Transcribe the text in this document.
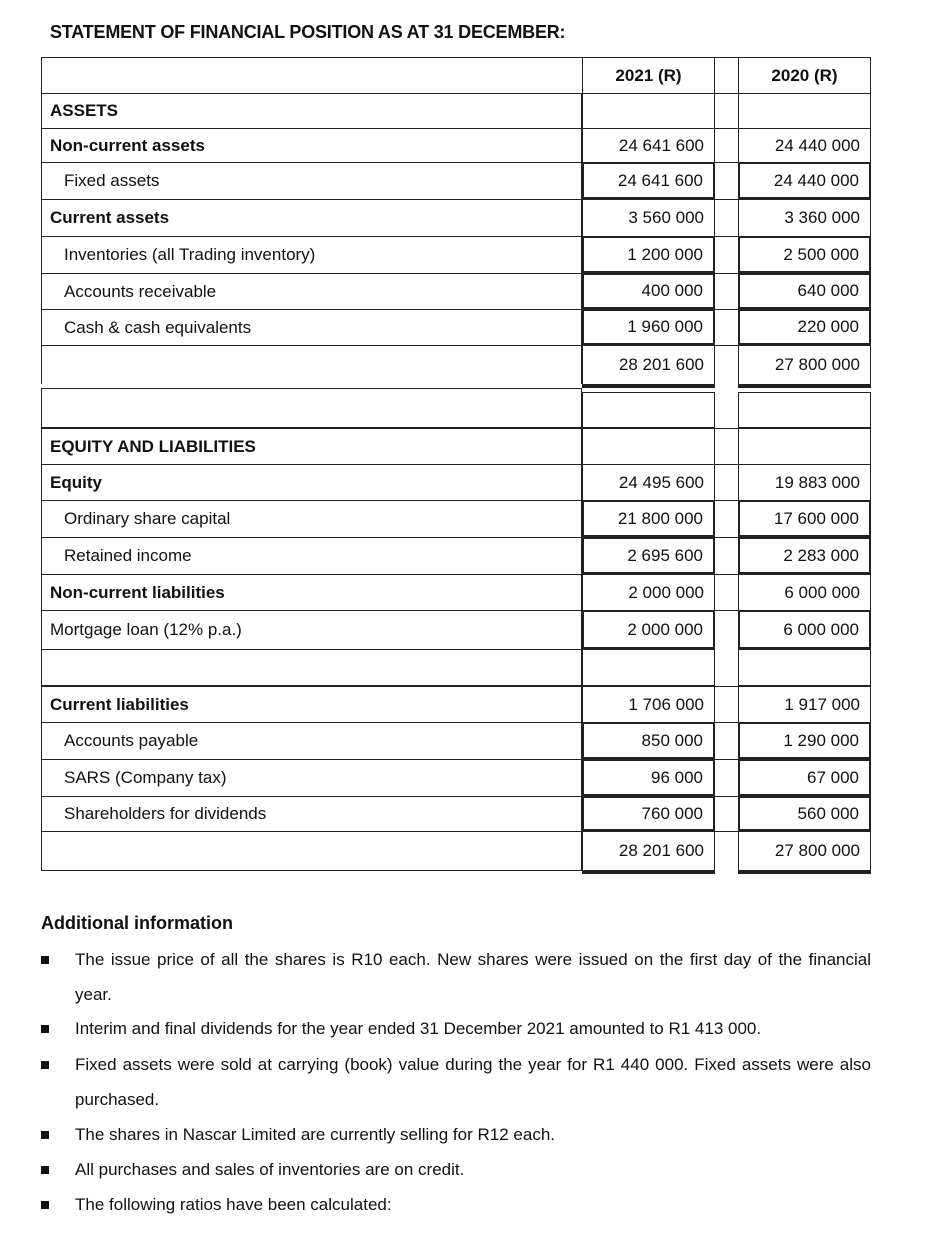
STATEMENT OF FINANCIAL POSITION AS AT 31 DECEMBER:
2021 (R)	2020 (R)
ASSETS
Non-current assets	24 641 600	24 440 000
Fixed assets	24 641 600	24 440 000
Current assets	3 560 000	3 360 000
Inventories (all Trading inventory)	1 200 000	2 500 000
Accounts receivable	400 000	640 000
Cash & cash equivalents	1 960 000	220 000
28 201 600	27 800 000
EQUITY AND LIABILITIES
Equity	24 495 600	19 883 000
Ordinary share capital	21 800 000	17 600 000
Retained income	2 695 600	2 283 000
Non-current liabilities	2 000 000	6 000 000
Mortgage loan (12% p.a.)	2 000 000	6 000 000
Current liabilities	1 706 000	1 917 000
Accounts payable	850 000	1 290 000
SARS (Company tax)	96 000	67 000
Shareholders for dividends	760 000	560 000
28 201 600	27 800 000
Additional information
The issue price of all the shares is R10 each. New shares were issued on the first day of the financial year.
Interim and final dividends for the year ended 31 December 2021 amounted to R1 413 000.
Fixed assets were sold at carrying (book) value during the year for R1 440 000. Fixed assets were also purchased.
The shares in Nascar Limited are currently selling for R12 each.
All purchases and sales of inventories are on credit.
The following ratios have been calculated:
